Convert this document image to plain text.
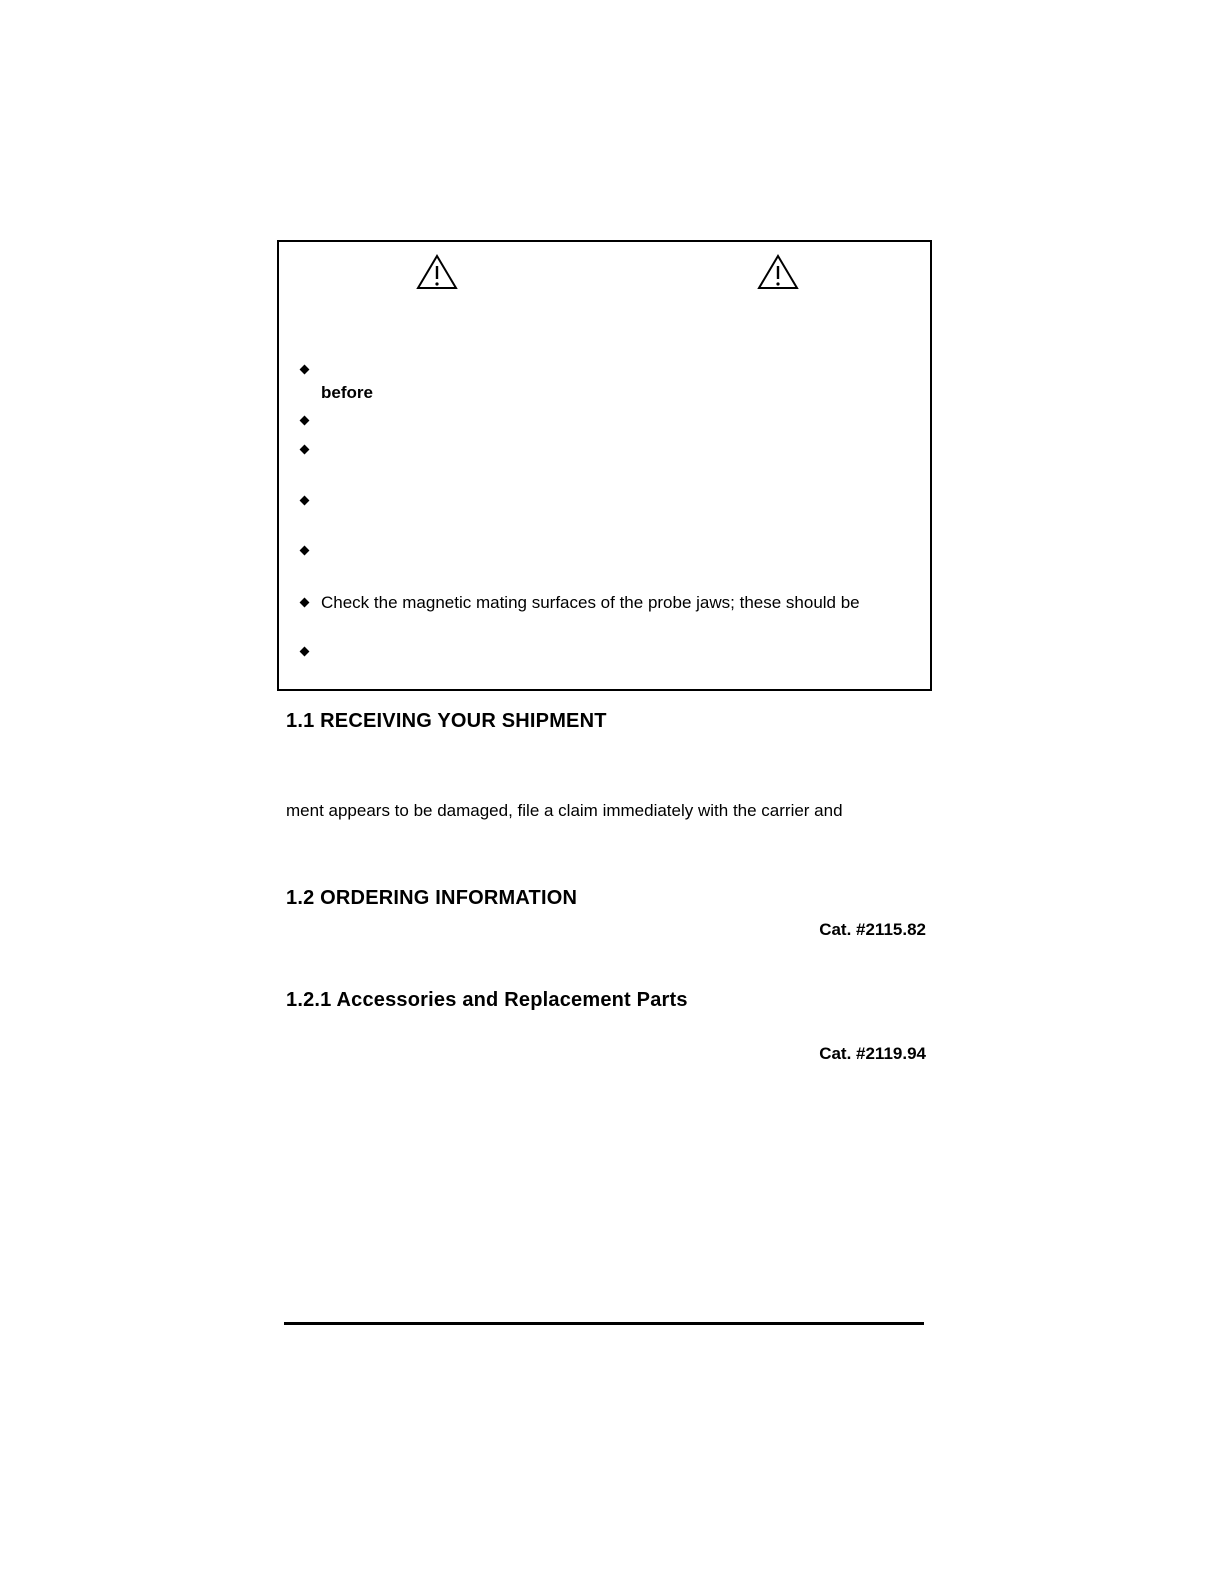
before
Check the magnetic mating surfaces of the probe jaws; these should be
1.1 RECEIVING YOUR SHIPMENT
ment appears to be damaged, file a claim immediately with the carrier and
1.2 ORDERING INFORMATION
Cat. #2115.82
1.2.1 Accessories and Replacement Parts
Cat. #2119.94
